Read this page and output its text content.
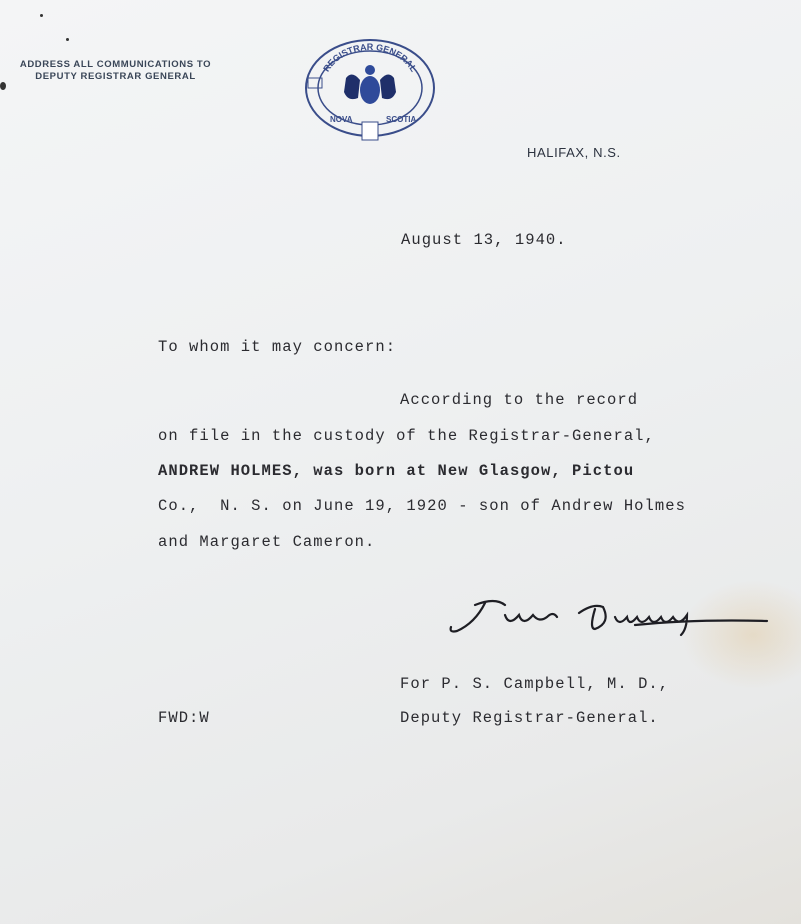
ADDRESS ALL COMMUNICATIONS TO
DEPUTY REGISTRAR GENERAL
REGISTRAR GENERAL
NOVA	SCOTIA
HALIFAX, N.S.
August 13, 1940.
To whom it may concern:
According to the record
on file in the custody of the Registrar-General,
ANDREW HOLMES, was born at New Glasgow, Pictou
Co.,  N. S. on June 19, 1920 - son of Andrew Holmes
and Margaret Cameron.
For P. S. Campbell, M. D.,
FWD:W	Deputy Registrar-General.
